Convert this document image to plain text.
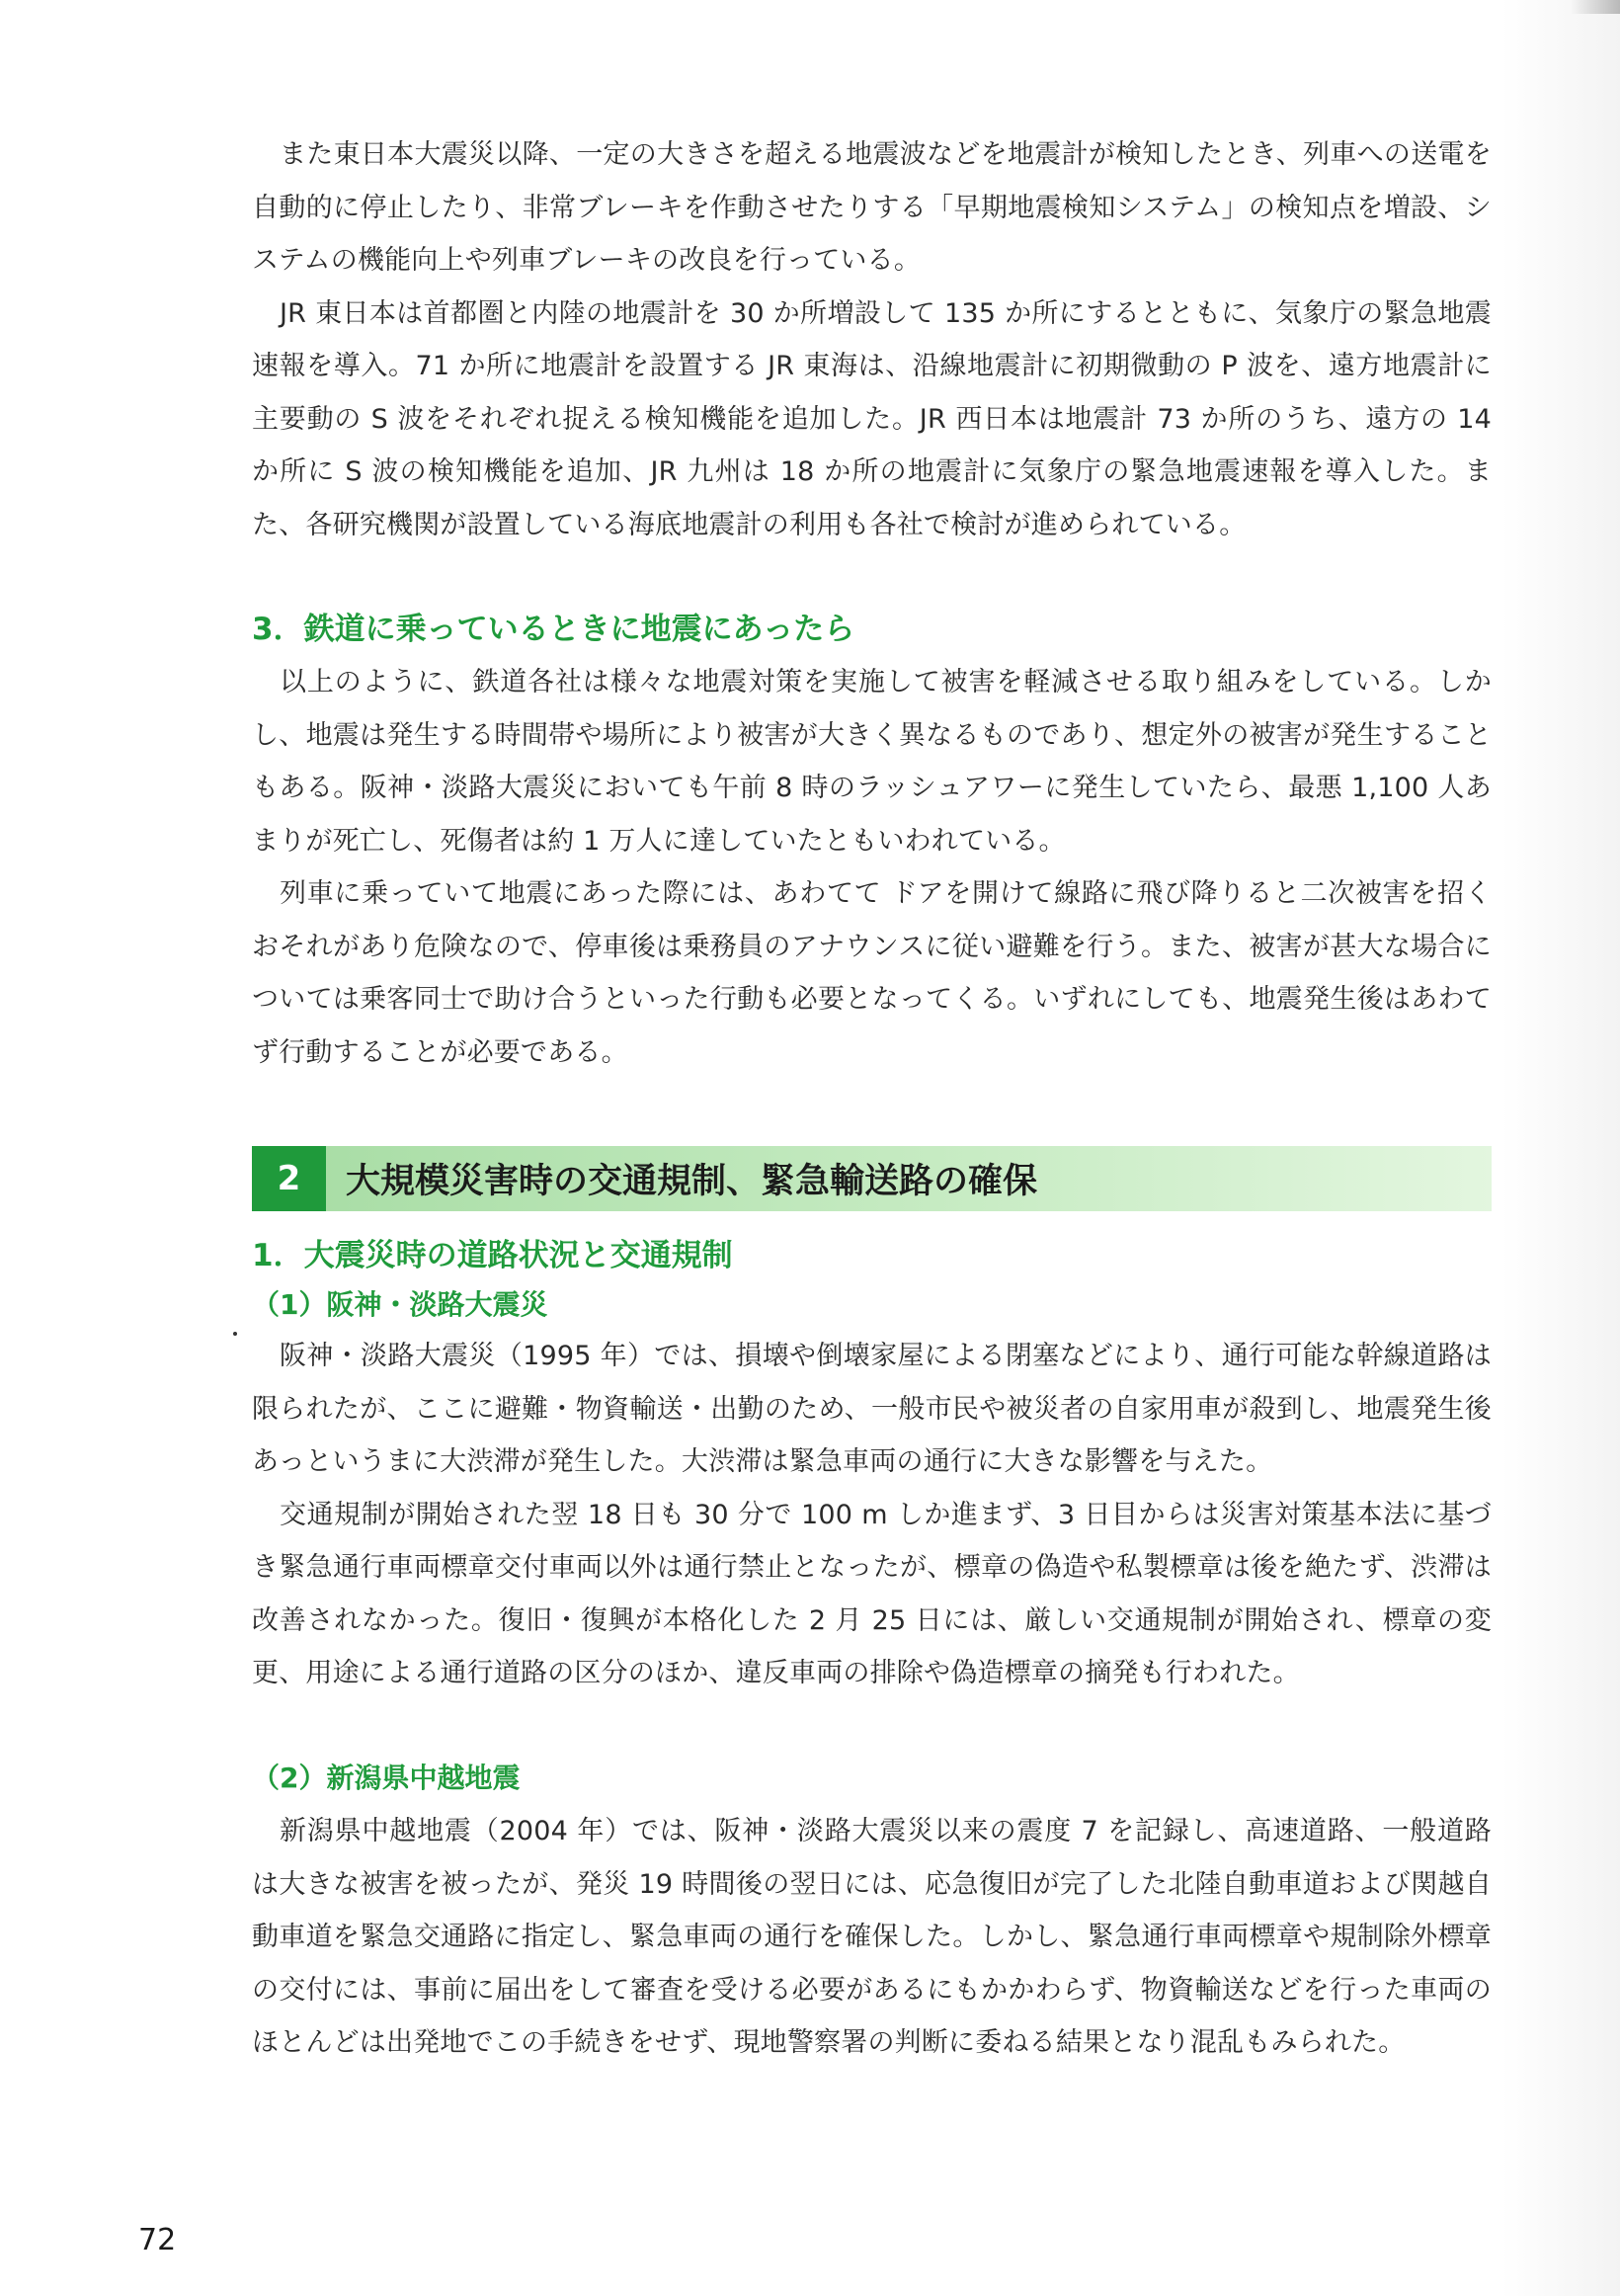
また東日本大震災以降、一定の大きさを超える地震波などを地震計が検知したとき、列車への送電を自動的に停止したり、非常ブレーキを作動させたりする「早期地震検知システム」の検知点を増設、システムの機能向上や列車ブレーキの改良を行っている。

JR 東日本は首都圏と内陸の地震計を 30 か所増設して 135 か所にするとともに、気象庁の緊急地震速報を導入。71 か所に地震計を設置する JR 東海は、沿線地震計に初期微動の P 波を、遠方地震計に主要動の S 波をそれぞれ捉える検知機能を追加した。JR 西日本は地震計 73 か所のうち、遠方の 14 か所に S 波の検知機能を追加、JR 九州は 18 か所の地震計に気象庁の緊急地震速報を導入した。また、各研究機関が設置している海底地震計の利用も各社で検討が進められている。

3．鉄道に乗っているときに地震にあったら

以上のように、鉄道各社は様々な地震対策を実施して被害を軽減させる取り組みをしている。しかし、地震は発生する時間帯や場所により被害が大きく異なるものであり、想定外の被害が発生することもある。阪神・淡路大震災においても午前 8 時のラッシュアワーに発生していたら、最悪 1,100 人あまりが死亡し、死傷者は約 1 万人に達していたともいわれている。

列車に乗っていて地震にあった際には、あわてて ドアを開けて線路に飛び降りると二次被害を招くおそれがあり危険なので、停車後は乗務員のアナウンスに従い避難を行う。また、被害が甚大な場合については乗客同士で助け合うといった行動も必要となってくる。いずれにしても、地震発生後はあわてず行動することが必要である。

2	大規模災害時の交通規制、緊急輸送路の確保
1．大震災時の道路状況と交通規制
（1）阪神・淡路大震災

阪神・淡路大震災（1995 年）では、損壊や倒壊家屋による閉塞などにより、通行可能な幹線道路は限られたが、ここに避難・物資輸送・出勤のため、一般市民や被災者の自家用車が殺到し、地震発生後あっというまに大渋滞が発生した。大渋滞は緊急車両の通行に大きな影響を与えた。

交通規制が開始された翌 18 日も 30 分で 100 m しか進まず、3 日目からは災害対策基本法に基づき緊急通行車両標章交付車両以外は通行禁止となったが、標章の偽造や私製標章は後を絶たず、渋滞は改善されなかった。復旧・復興が本格化した 2 月 25 日には、厳しい交通規制が開始され、標章の変更、用途による通行道路の区分のほか、違反車両の排除や偽造標章の摘発も行われた。

（2）新潟県中越地震

新潟県中越地震（2004 年）では、阪神・淡路大震災以来の震度 7 を記録し、高速道路、一般道路は大きな被害を被ったが、発災 19 時間後の翌日には、応急復旧が完了した北陸自動車道および関越自動車道を緊急交通路に指定し、緊急車両の通行を確保した。しかし、緊急通行車両標章や規制除外標章の交付には、事前に届出をして審査を受ける必要があるにもかかわらず、物資輸送などを行った車両のほとんどは出発地でこの手続きをせず、現地警察署の判断に委ねる結果となり混乱もみられた。

72
